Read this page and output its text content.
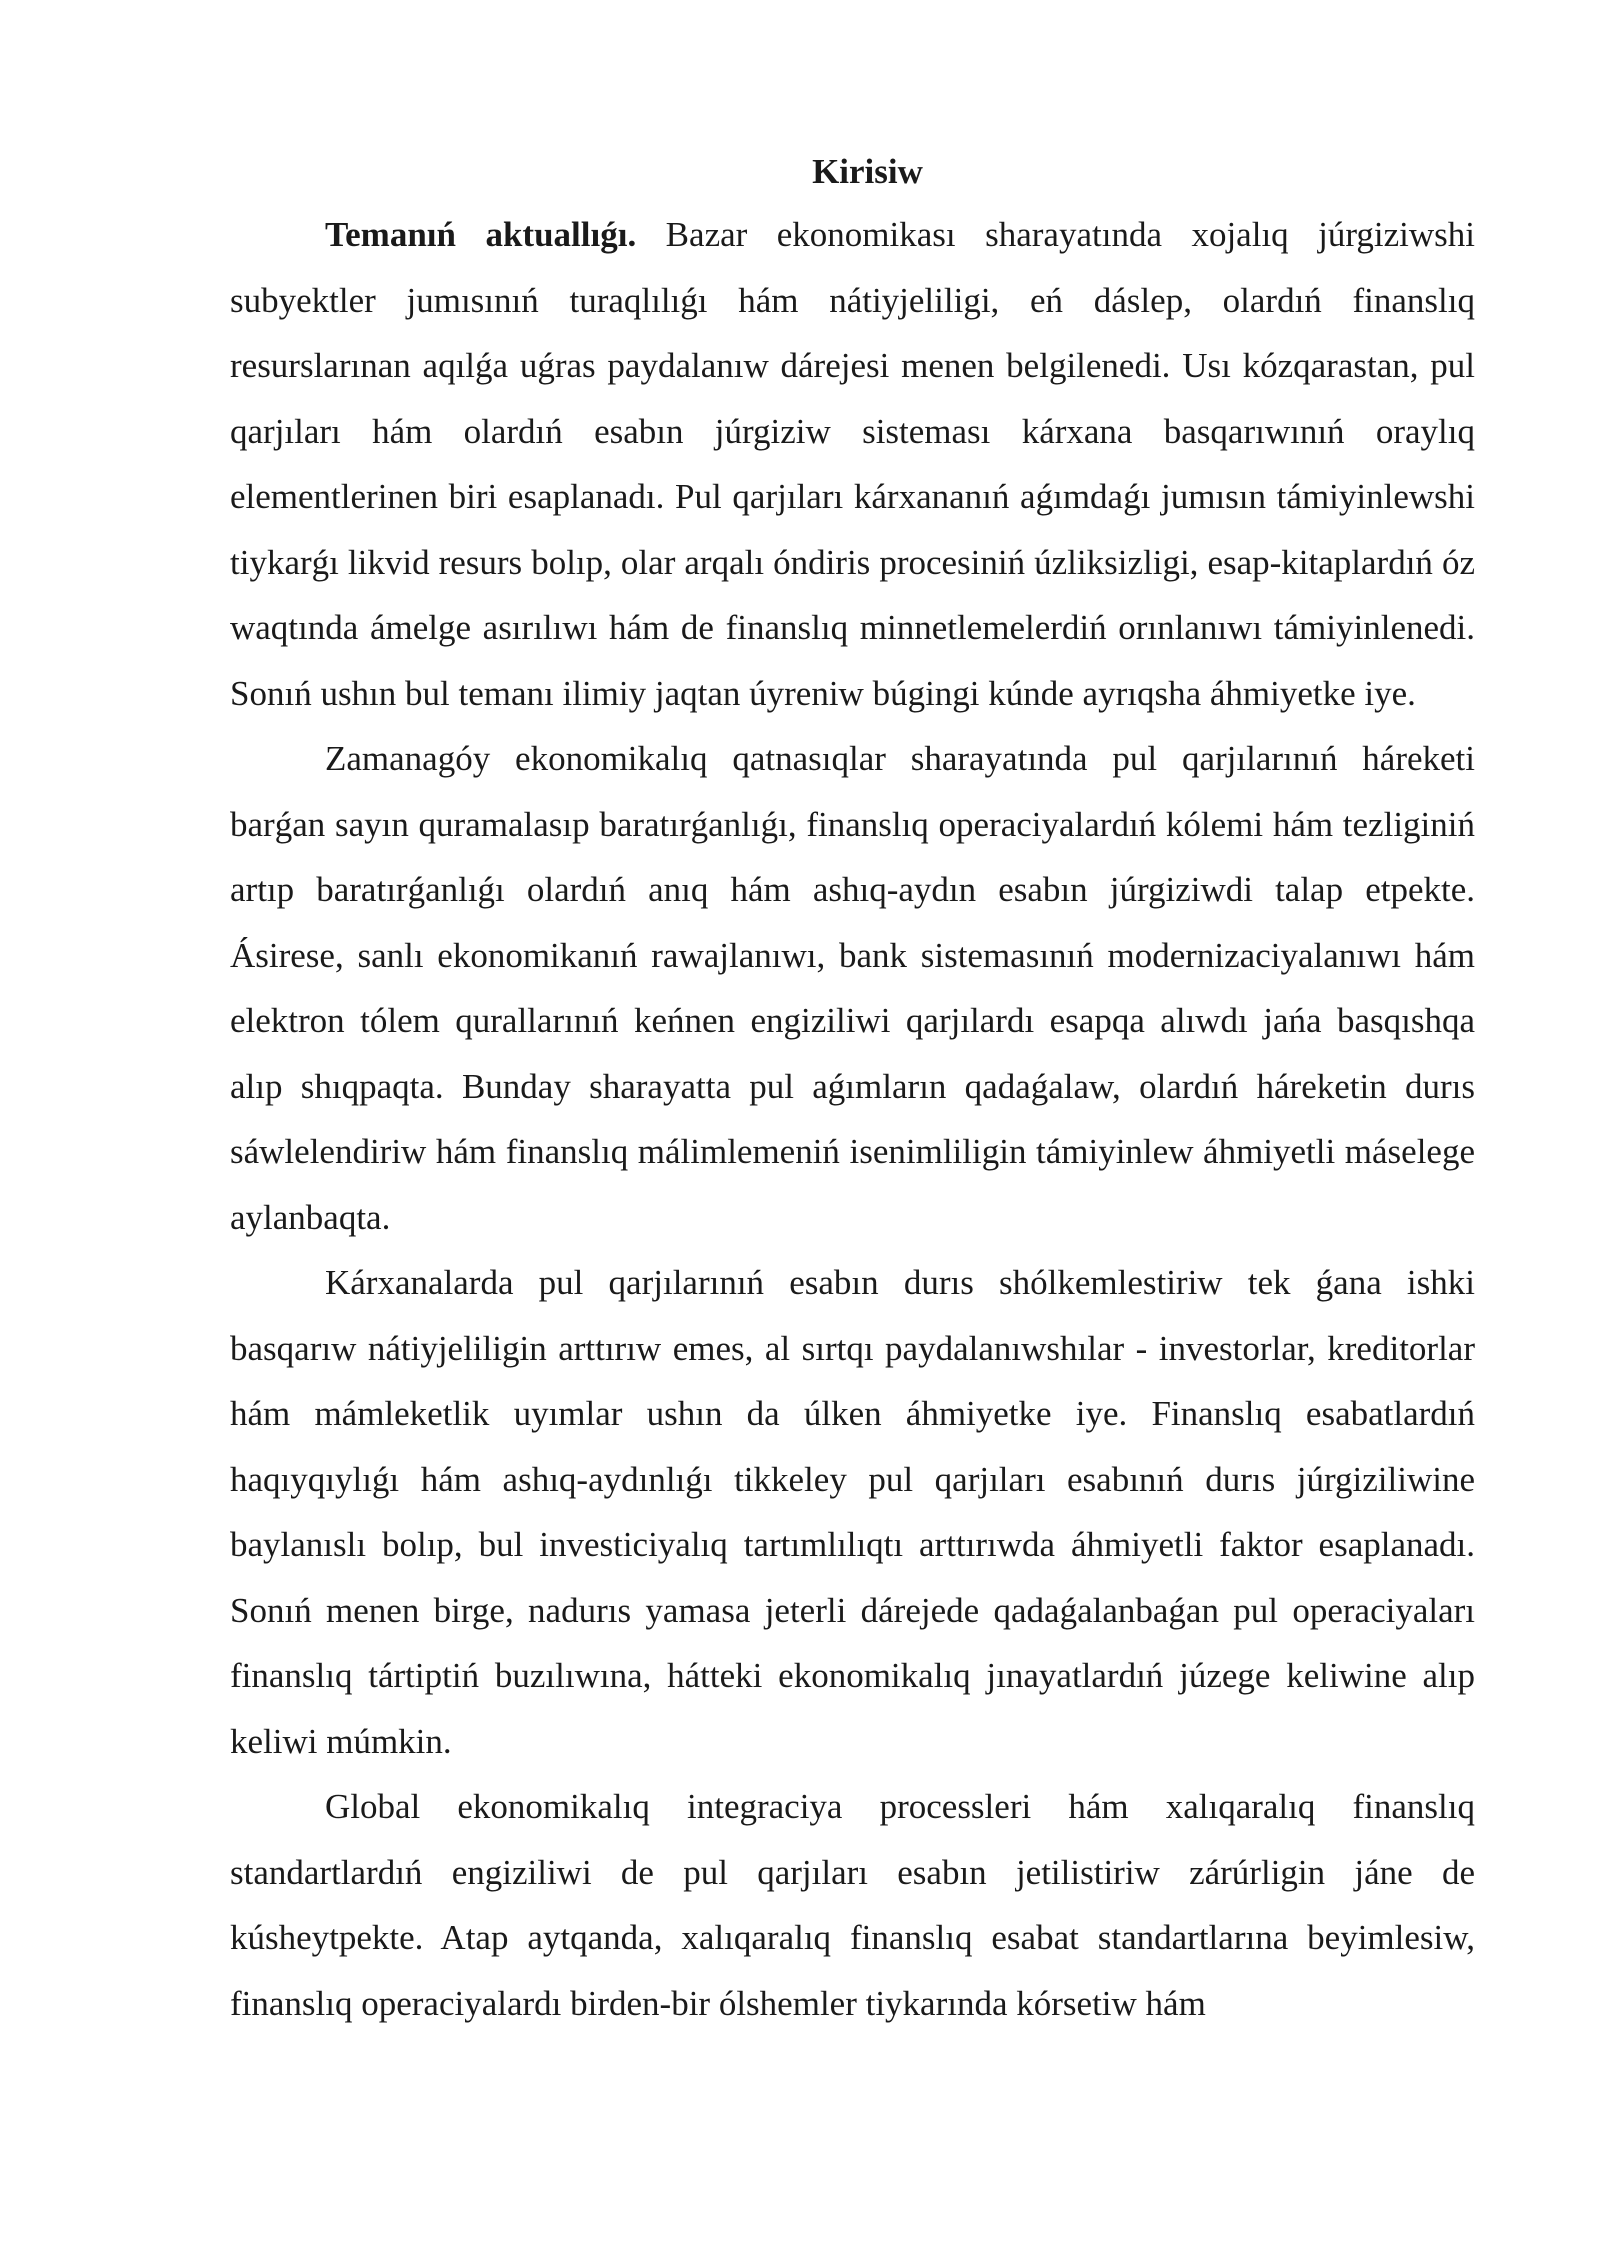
Kirisiw

Temanıń aktuallıǵı. Bazar ekonomikası sharayatında xojalıq júrgiziwshi subyektler jumısınıń turaqlılıǵı hám nátiyjeliligi, eń dáslep, olardıń finanslıq resurslarınan aqılǵa uǵras paydalanıw dárejesi menen belgilenedi. Usı kózqarastan, pul qarjıları hám olardıń esabın júrgiziw sisteması kárxana basqarıwınıń oraylıq elementlerinen biri esaplanadı. Pul qarjıları kárxananıń aǵımdaǵı jumısın támiyinlewshi tiykarǵı likvid resurs bolıp, olar arqalı óndiris procesiniń úzliksizligi, esap-kitaplardıń óz waqtında ámelge asırılıwı hám de finanslıq minnetlemelerdiń orınlanıwı támiyinlenedi. Sonıń ushın bul temanı ilimiy jaqtan úyreniw búgingi kúnde ayrıqsha áhmiyetke iye.

Zamanagóy ekonomikalıq qatnasıqlar sharayatında pul qarjılarınıń háreketi barǵan sayın quramalasıp baratırǵanlıǵı, finanslıq operaciyalardıń kólemi hám tezliginiń artıp baratırǵanlıǵı olardıń anıq hám ashıq-aydın esabın júrgiziwdi talap etpekte. Ásirese, sanlı ekonomikanıń rawajlanıwı, bank sistemasınıń modernizaciyalanıwı hám elektron tólem qurallarınıń keńnen engiziliwi qarjılardı esapqa alıwdı jańa basqıshqa alıp shıqpaqta. Bunday sharayatta pul aǵımların qadaǵalaw, olardıń háreketin durıs sáwlelendiriw hám finanslıq málimlemeniń isenimliligin támiyinlew áhmiyetli máselege aylanbaqta.

Kárxanalarda pul qarjılarınıń esabın durıs shólkemlestiriw tek ǵana ishki basqarıw nátiyjeliligin arttırıw emes, al sırtqı paydalanıwshılar - investorlar, kreditorlar hám mámleketlik uyımlar ushın da úlken áhmiyetke iye. Finanslıq esabatlardıń haqıyqıylıǵı hám ashıq-aydınlıǵı tikkeley pul qarjıları esabınıń durıs júrgiziliwine baylanıslı bolıp, bul investiciyalıq tartımlılıqtı arttırıwda áhmiyetli faktor esaplanadı. Sonıń menen birge, nadurıs yamasa jeterli dárejede qadaǵalanbaǵan pul operaciyaları finanslıq tártiptiń buzılıwına, hátteki ekonomikalıq jınayatlardıń júzege keliwine alıp keliwi múmkin.

Global ekonomikalıq integraciya processleri hám xalıqaralıq finanslıq standartlardıń engiziliwi de pul qarjıları esabın jetilistiriw zárúrligin jáne de kúsheytpekte. Atap aytqanda, xalıqaralıq finanslıq esabat standartlarına beyimlesiw, finanslıq operaciyalardı birden-bir ólshemler tiykarında kórsetiw hám
